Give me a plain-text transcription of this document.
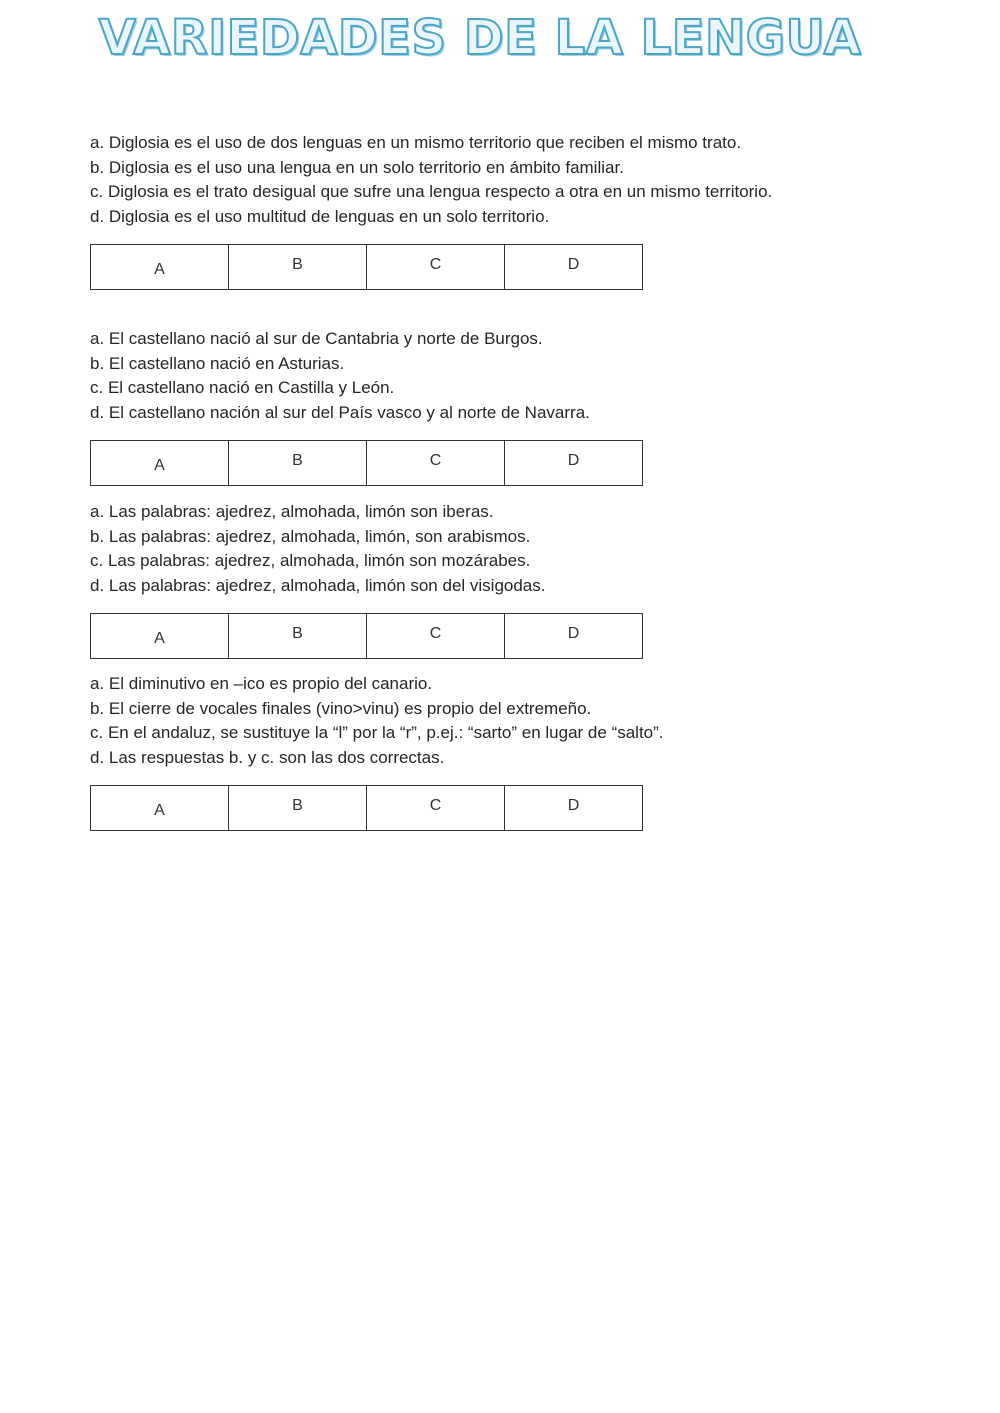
VARIEDADES DE LA LENGUA
a. Diglosia es el uso de dos lenguas en un mismo territorio que reciben el mismo trato.
b. Diglosia es el uso una lengua en un solo territorio en ámbito familiar.
c. Diglosia es el trato desigual que sufre una lengua respecto a otra en un mismo territorio.
d. Diglosia es el uso multitud de lenguas en un solo territorio.
A	B	C	D
a. El castellano nació al sur de Cantabria y norte de Burgos.
b. El castellano nació en Asturias.
c. El castellano nació en Castilla y León.
d. El castellano nación al sur del País vasco y al norte de Navarra.
A	B	C	D
a. Las palabras: ajedrez, almohada, limón son iberas.
b. Las palabras: ajedrez, almohada, limón, son arabismos.
c. Las palabras: ajedrez, almohada, limón son mozárabes.
d. Las palabras: ajedrez, almohada, limón son del visigodas.
A	B	C	D
a. El diminutivo en –ico es propio del canario.
b. El cierre de vocales finales (vino>vinu) es propio del extremeño.
c. En el andaluz, se sustituye la “l” por la “r”, p.ej.: “sarto” en lugar de “salto”.
d. Las respuestas b. y c. son las dos correctas.
A	B	C	D
